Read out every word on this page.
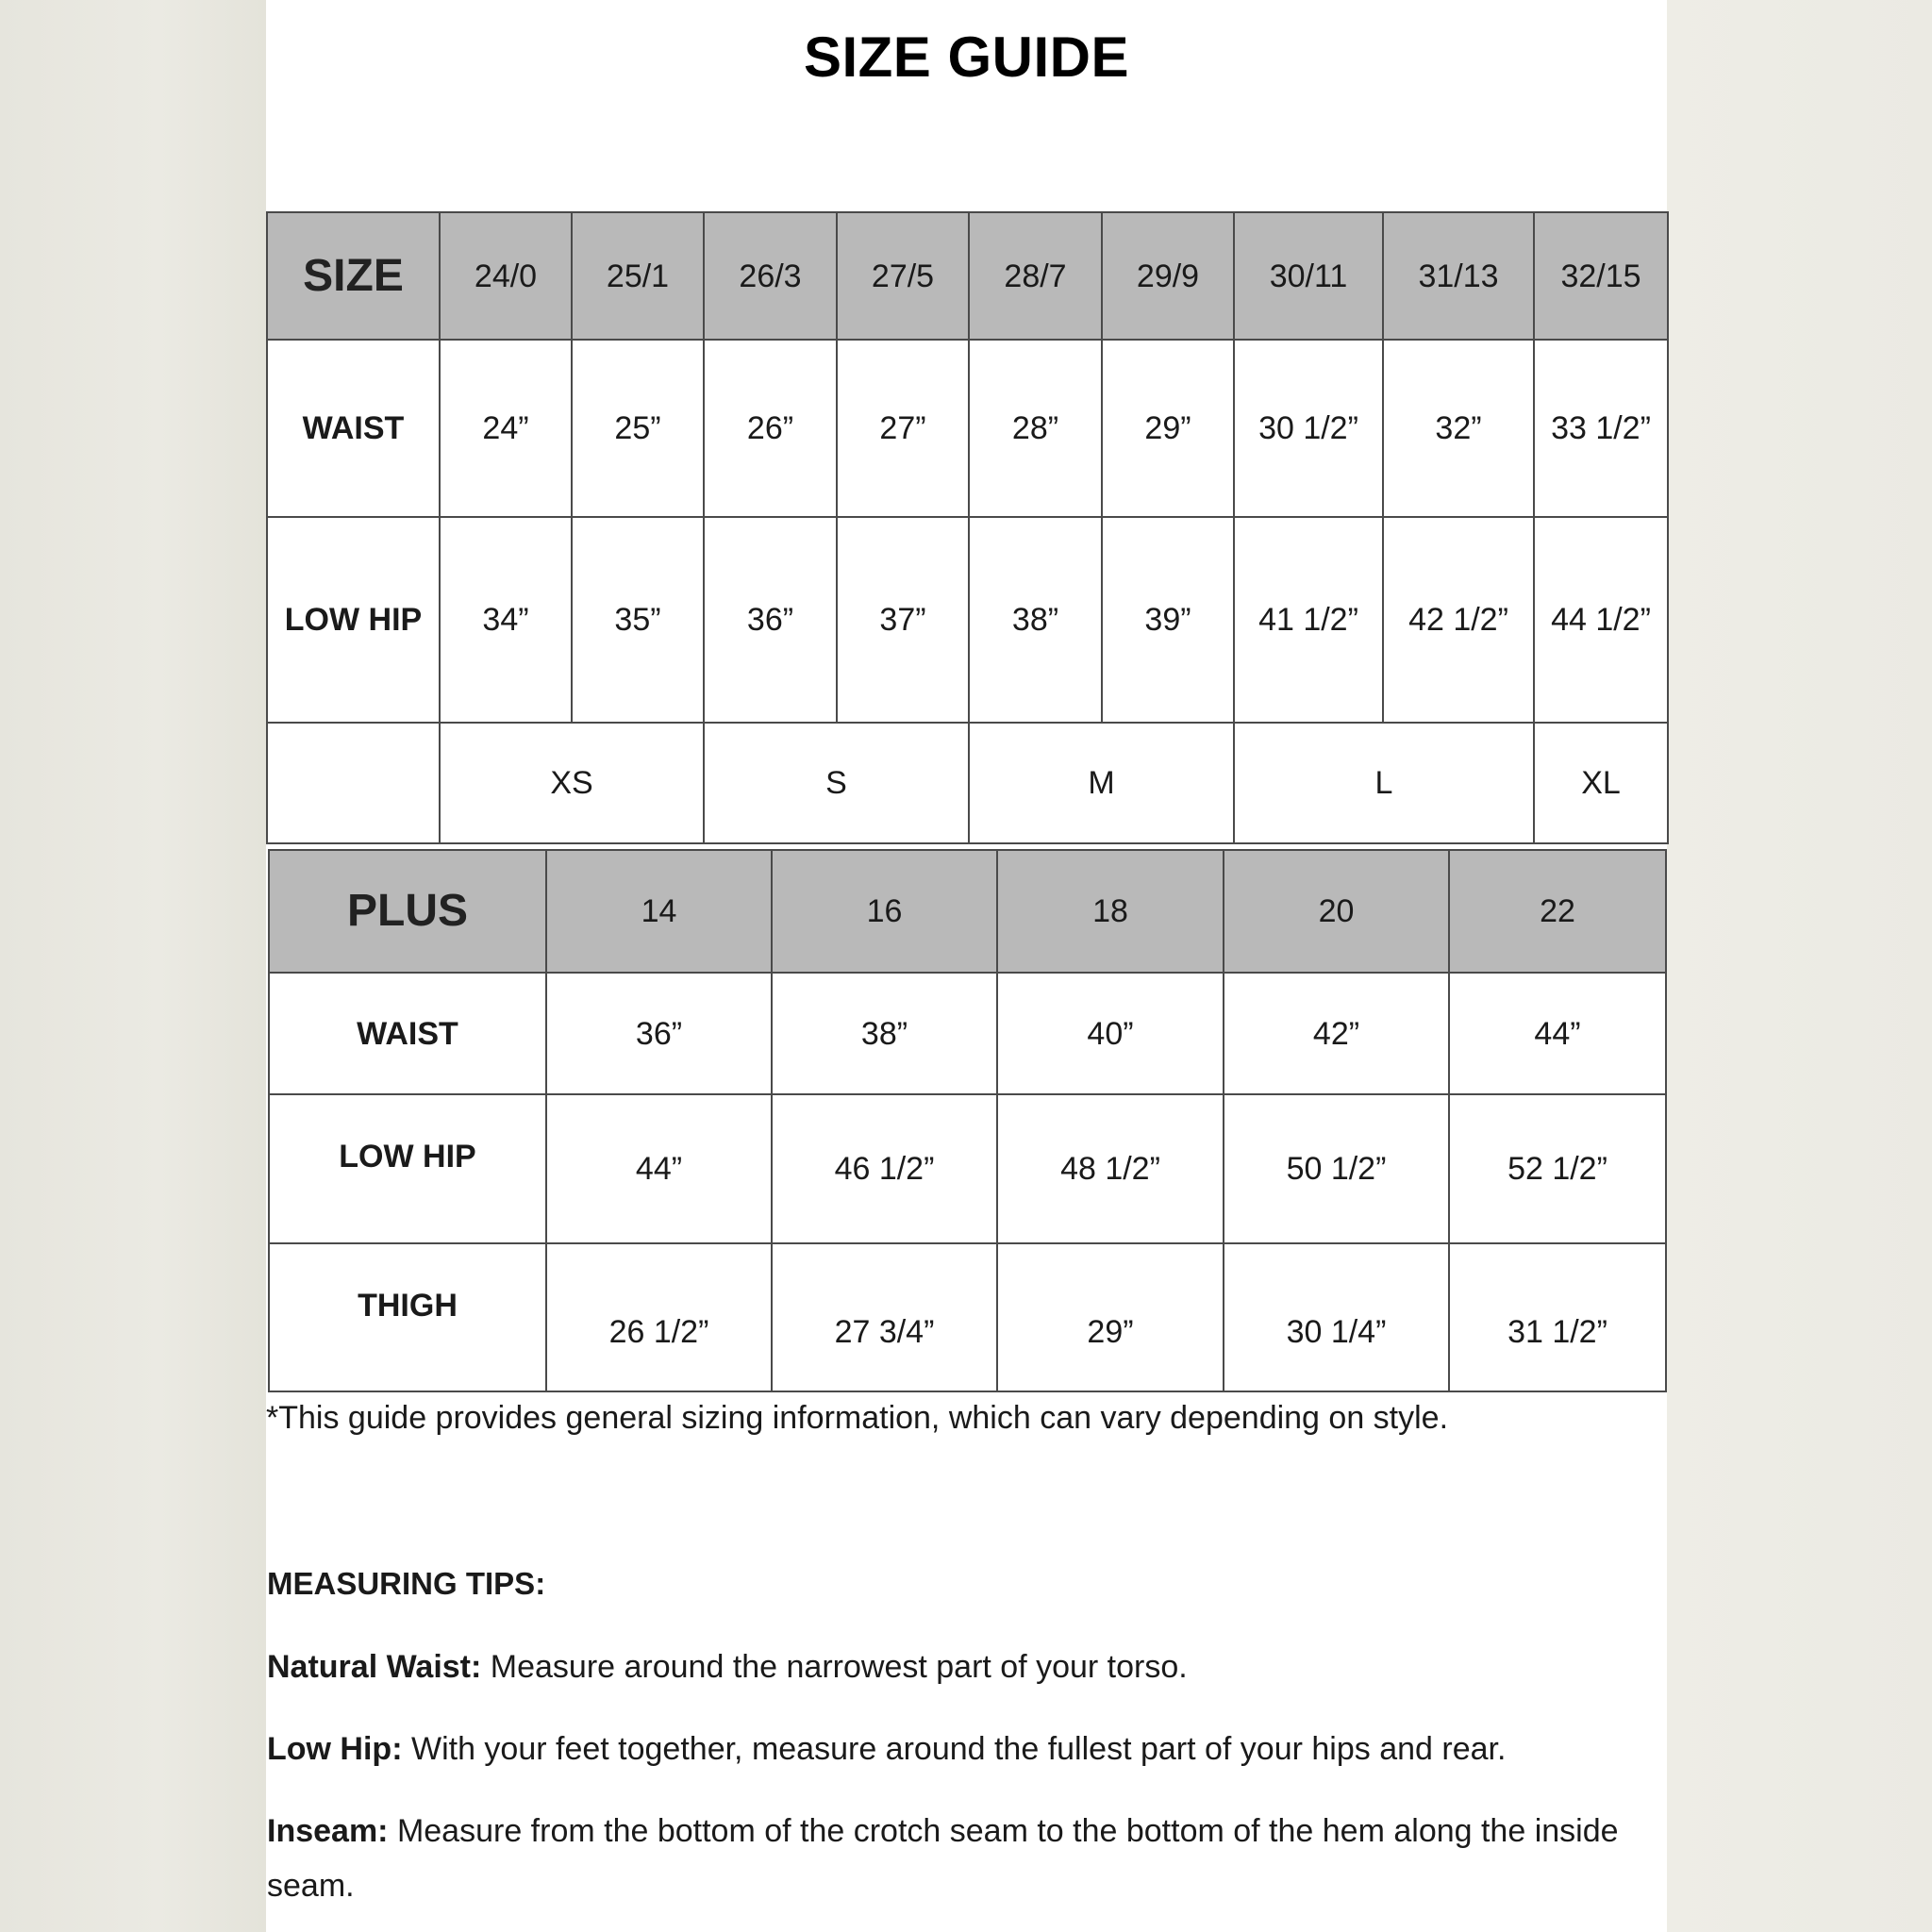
SIZE GUIDE
SIZE	24/0	25/1	26/3	27/5	28/7	29/9	30/11	31/13	32/15
WAIST	24”	25”	26”	27”	28”	29”	30 1/2”	32”	33 1/2”
LOW HIP	34”	35”	36”	37”	38”	39”	41 1/2”	42 1/2”	44 1/2”
	XS		S		M		L		XL
PLUS	14	16	18	20	22
WAIST	36”	38”	40”	42”	44”
LOW HIP	44”	46 1/2”	48 1/2”	50 1/2”	52 1/2”
THIGH	26 1/2”	27 3/4”	29”	30 1/4”	31 1/2”
*This guide provides general sizing information, which can vary depending on style.
MEASURING TIPS:
Natural Waist: Measure around the narrowest part of your torso.
Low Hip: With your feet together, measure around the fullest part of your hips and rear.
Inseam: Measure from the bottom of the crotch seam to the bottom of the hem along the inside seam.
